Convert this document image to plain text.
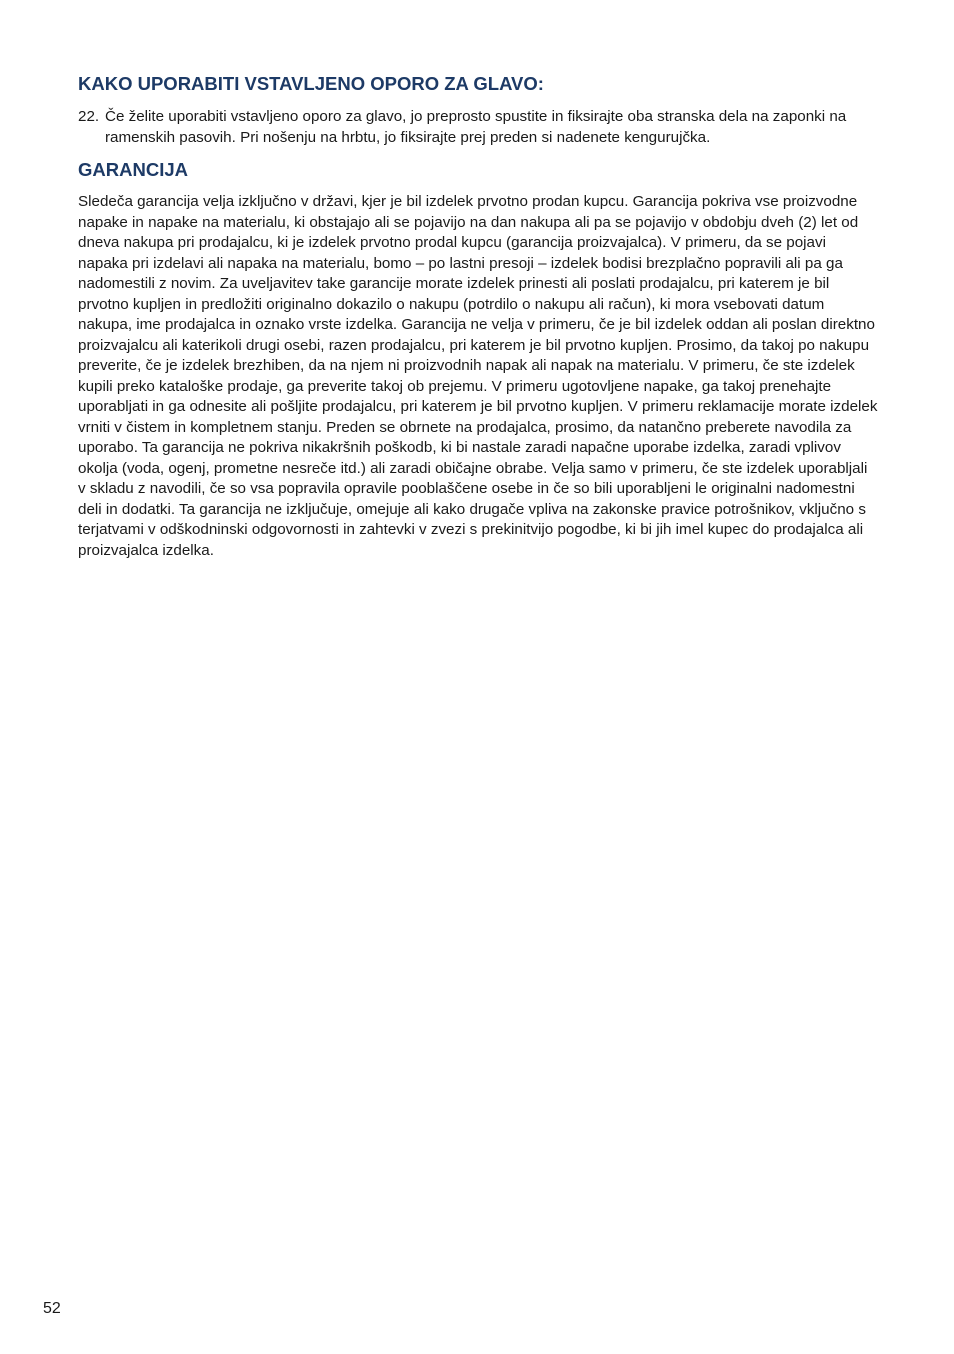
KAKO UPORABITI VSTAVLJENO OPORO ZA GLAVO:
22. Če želite uporabiti vstavljeno oporo za glavo, jo preprosto spustite in fiksirajte oba stranska dela na zaponki na ramenskih pasovih. Pri nošenju na hrbtu, jo fiksirajte prej preden si nadenete kengurujčka.
GARANCIJA
Sledeča garancija velja izključno v državi, kjer je bil izdelek prvotno prodan kupcu. Garancija pokriva vse proizvodne napake in napake na materialu, ki obstajajo ali se pojavijo na dan nakupa ali pa se pojavijo v obdobju dveh (2) let od dneva nakupa pri prodajalcu, ki je izdelek prvotno prodal kupcu (garancija proizvajalca). V primeru, da se pojavi napaka pri izdelavi ali napaka na materialu, bomo – po lastni presoji – izdelek bodisi brezplačno popravili ali pa ga nadomestili z novim. Za uveljavitev take garancije morate izdelek prinesti ali poslati prodajalcu, pri katerem je bil prvotno kupljen in predložiti originalno dokazilo o nakupu (potrdilo o nakupu ali račun), ki mora vsebovati datum nakupa, ime prodajalca in oznako vrste izdelka. Garancija ne velja v primeru, če je bil izdelek oddan ali poslan direktno proizvajalcu ali katerikoli drugi osebi, razen prodajalcu, pri katerem je bil prvotno kupljen. Prosimo, da takoj po nakupu preverite, če je izdelek brezhiben, da na njem ni proizvodnih napak ali napak na materialu. V primeru, če ste izdelek kupili preko kataloške prodaje, ga preverite takoj ob prejemu. V primeru ugotovljene napake, ga takoj prenehajte uporabljati in ga odnesite ali pošljite prodajalcu, pri katerem je bil prvotno kupljen. V primeru reklamacije morate izdelek vrniti v čistem in kompletnem stanju. Preden se obrnete na prodajalca, prosimo, da natančno preberete navodila za uporabo. Ta garancija ne pokriva nikakršnih poškodb, ki bi nastale zaradi napačne uporabe izdelka, zaradi vplivov okolja (voda, ogenj, prometne nesreče itd.) ali zaradi običajne obrabe. Velja samo v primeru, če ste izdelek uporabljali v skladu z navodili, če so vsa popravila opravile pooblaščene osebe in če so bili uporabljeni le originalni nadomestni deli in dodatki. Ta garancija ne izključuje, omejuje ali kako drugače vpliva na zakonske pravice potrošnikov, vključno s terjatvami v odškodninski odgovornosti in zahtevki v zvezi s prekinitvijo pogodbe, ki bi jih imel kupec do prodajalca ali proizvajalca izdelka.
52
